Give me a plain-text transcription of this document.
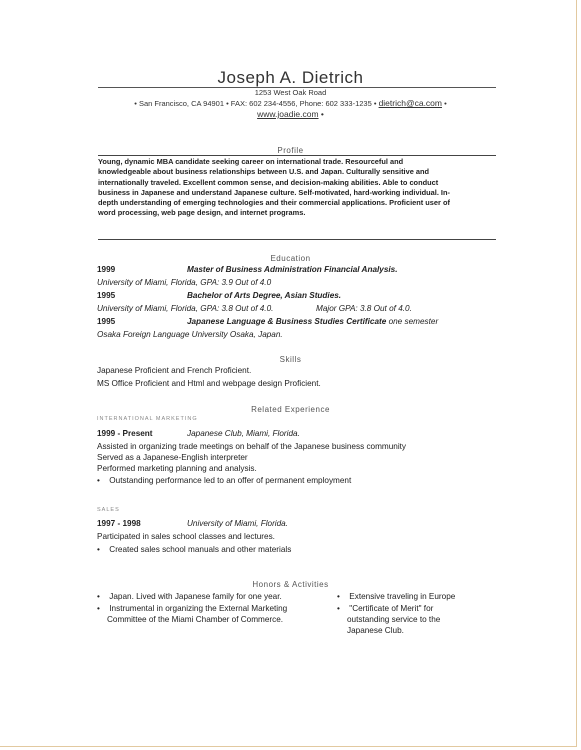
Joseph A. Dietrich
1253 West Oak Road
• San Francisco, CA 94901 • FAX: 602 234-4556, Phone: 602 333-1235 • dietrich@ca.com •
www.joadie.com •
Profile
Young, dynamic MBA candidate seeking career on international trade. Resourceful and
knowledgeable about business relationships between U.S. and Japan. Culturally sensitive and
internationally traveled. Excellent common sense, and decision-making abilities. Able to conduct
business in Japanese and understand Japanese culture. Self-motivated, hard-working individual. In-
depth understanding of emerging technologies and their commercial applications. Proficient user of
word processing, web page design, and internet programs.
Education
1999	Master of Business Administration Financial Analysis.
University of Miami, Florida, GPA: 3.9 Out of 4.0
1995	Bachelor of Arts Degree, Asian Studies.
University of Miami, Florida, GPA: 3.8 Out of 4.0.	Major GPA: 3.8 Out of 4.0.
1995	Japanese Language & Business Studies Certificate one semester
Osaka Foreign Language University Osaka, Japan.
Skills
Japanese Proficient and French Proficient.
MS Office Proficient and Html and webpage design Proficient.
Related Experience
INTERNATIONAL MARKETING
1999 - Present	Japanese Club, Miami, Florida.
Assisted in organizing trade meetings on behalf of the Japanese business community
Served as a Japanese-English interpreter
Performed marketing planning and analysis.
• Outstanding performance led to an offer of permanent employment
SALES
1997 - 1998	University of Miami, Florida.
Participated in sales school classes and lectures.
• Created sales school manuals and other materials
Honors & Activities
• Japan. Lived with Japanese family for one year.
• Instrumental in organizing the External Marketing
Committee of the Miami Chamber of Commerce.
• Extensive traveling in Europe
• "Certificate of Merit" for
outstanding service to the
Japanese Club.
